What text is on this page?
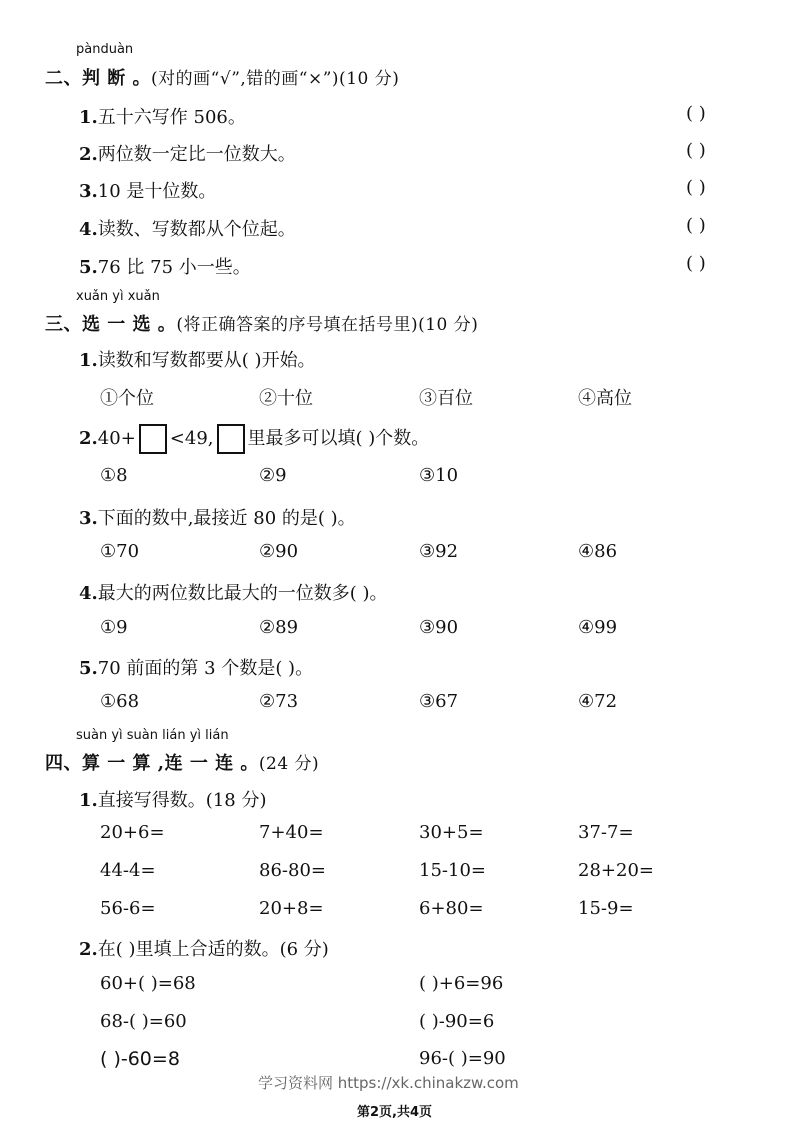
pànduàn
二、判 断 。(对的画“√”,错的画“×”)(10 分)
1.五十六写作 506。	( )
2.两位数一定比一位数大。	( )
3.10 是十位数。	( )
4.读数、写数都从个位起。	( )
5.76 比 75 小一些。	( )
xuǎn yì xuǎn
三、选 一 选 。(将正确答案的序号填在括号里)(10 分)
1.读数和写数都要从( )开始。
①个位	②十位	③百位	④高位
2.40+ <49, 里最多可以填( )个数。
①8	②9	③10
3.下面的数中,最接近 80 的是( )。
①70	②90	③92	④86
4.最大的两位数比最大的一位数多( )。
①9	②89	③90	④99
5.70 前面的第 3 个数是( )。
①68	②73	③67	④72
suàn yì suàn lián yì lián
四、算 一 算 ,连 一 连 。(24 分)
1.直接写得数。(18 分)
20+6=	7+40=	30+5=	37-7=
44-4=	86-80=	15-10=	28+20=
56-6=	20+8=	6+80=	15-9=
2.在( )里填上合适的数。(6 分)
60+( )=68	( )+6=96
68-( )=60	( )-90=6
( )-60=8	96-( )=90
学习资料网 https://xk.chinakzw.com
第2页,共4页
